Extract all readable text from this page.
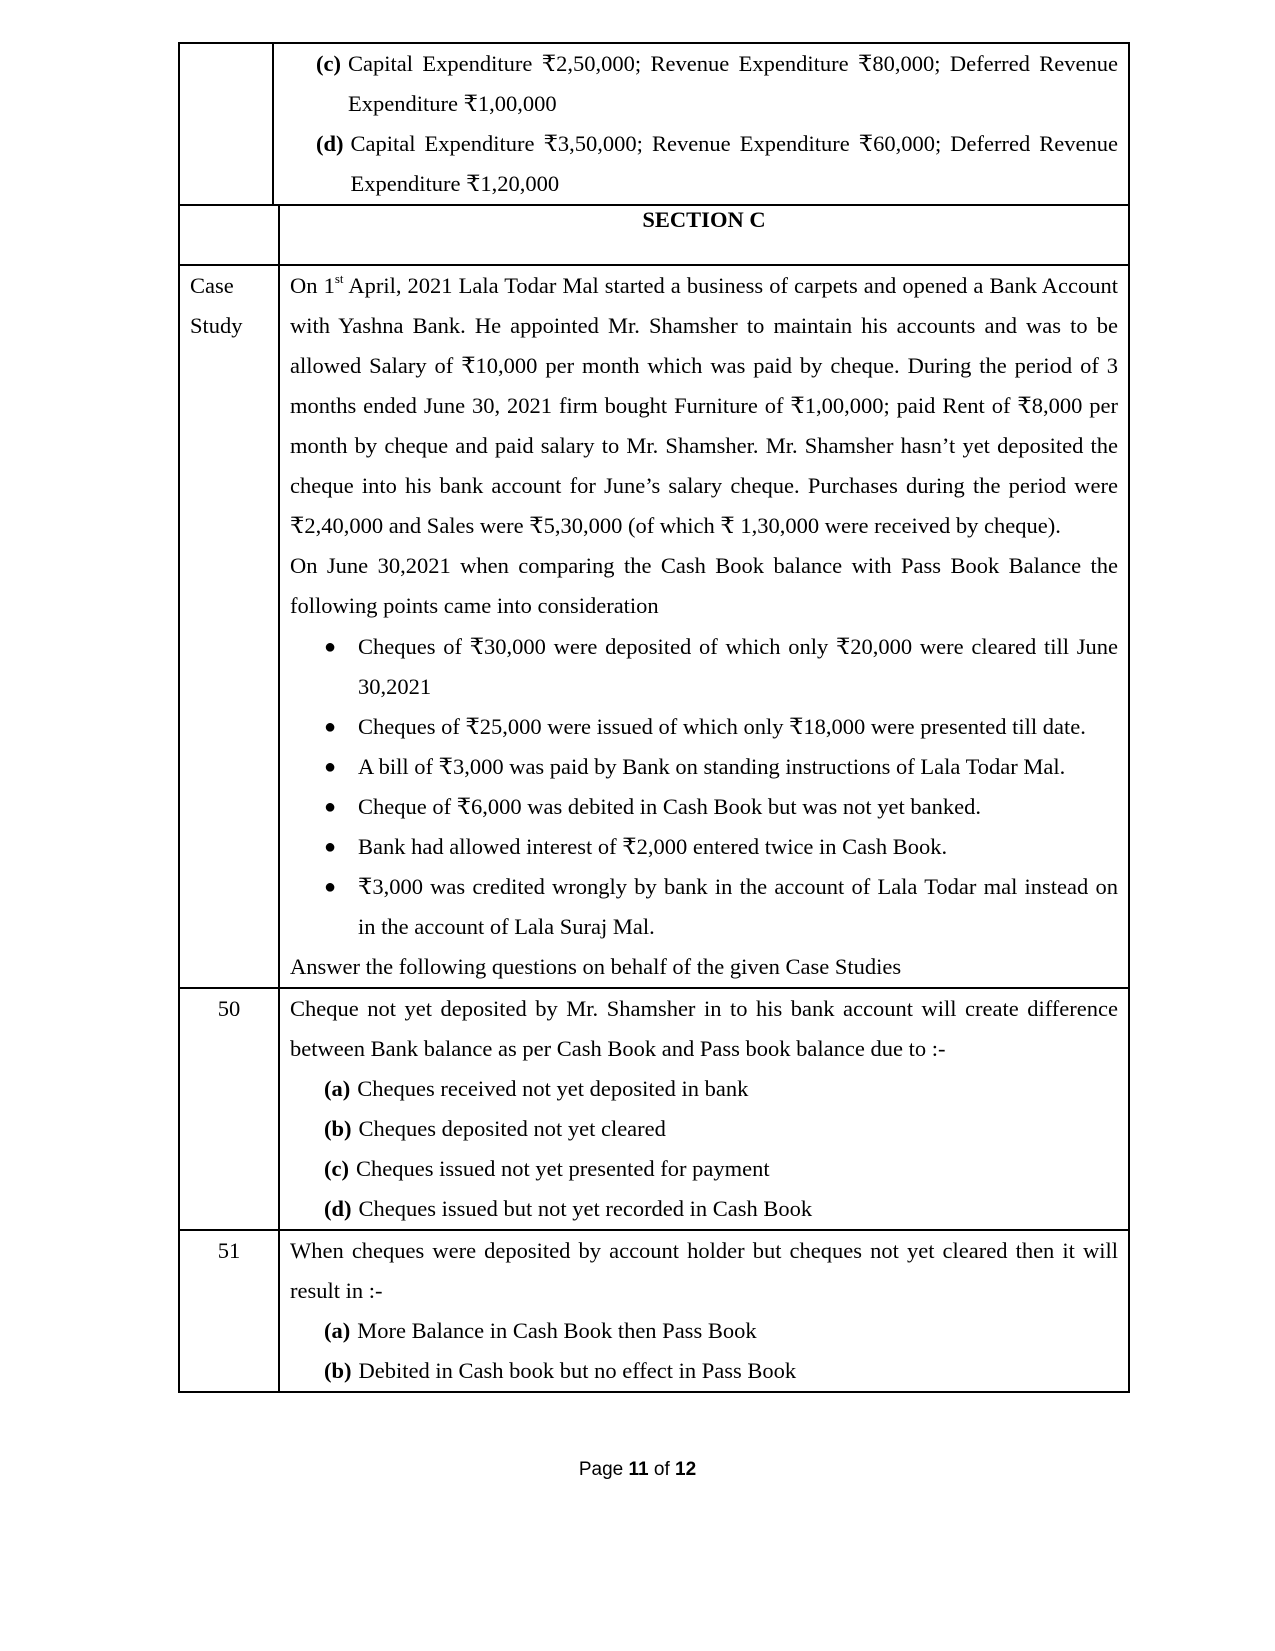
(c) Capital Expenditure ₹2,50,000; Revenue Expenditure ₹80,000; Deferred Revenue Expenditure ₹1,00,000
(d) Capital Expenditure ₹3,50,000; Revenue Expenditure ₹60,000; Deferred Revenue Expenditure ₹1,20,000
SECTION C
Case
Study
On 1st April, 2021 Lala Todar Mal started a business of carpets and opened a Bank Account with Yashna Bank. He appointed Mr. Shamsher to maintain his accounts and was to be allowed Salary of ₹10,000 per month which was paid by cheque. During the period of 3 months ended June 30, 2021 firm bought Furniture of ₹1,00,000; paid Rent of ₹8,000 per month by cheque and paid salary to Mr. Shamsher. Mr. Shamsher hasn’t yet deposited the cheque into his bank account for June’s salary cheque. Purchases during the period were ₹2,40,000 and Sales were ₹5,30,000 (of which ₹ 1,30,000 were received by cheque).
On June 30,2021 when comparing the Cash Book balance with Pass Book Balance the following points came into consideration
● Cheques of ₹30,000 were deposited of which only ₹20,000 were cleared till June 30,2021
● Cheques of ₹25,000 were issued of which only ₹18,000 were presented till date.
● A bill of ₹3,000 was paid by Bank on standing instructions of Lala Todar Mal.
● Cheque of ₹6,000 was debited in Cash Book but was not yet banked.
● Bank had allowed interest of ₹2,000 entered twice in Cash Book.
● ₹3,000 was credited wrongly by bank in the account of Lala Todar mal instead on in the account of Lala Suraj Mal.
Answer the following questions on behalf of the given Case Studies
50	Cheque not yet deposited by Mr. Shamsher in to his bank account will create difference between Bank balance as per Cash Book and Pass book balance due to :-
(a) Cheques received not yet deposited in bank
(b) Cheques deposited not yet cleared
(c) Cheques issued not yet presented for payment
(d) Cheques issued but not yet recorded in Cash Book
51	When cheques were deposited by account holder but cheques not yet cleared then it will result in :-
(a) More Balance in Cash Book then Pass Book
(b) Debited in Cash book but no effect in Pass Book
Page 11 of 12
